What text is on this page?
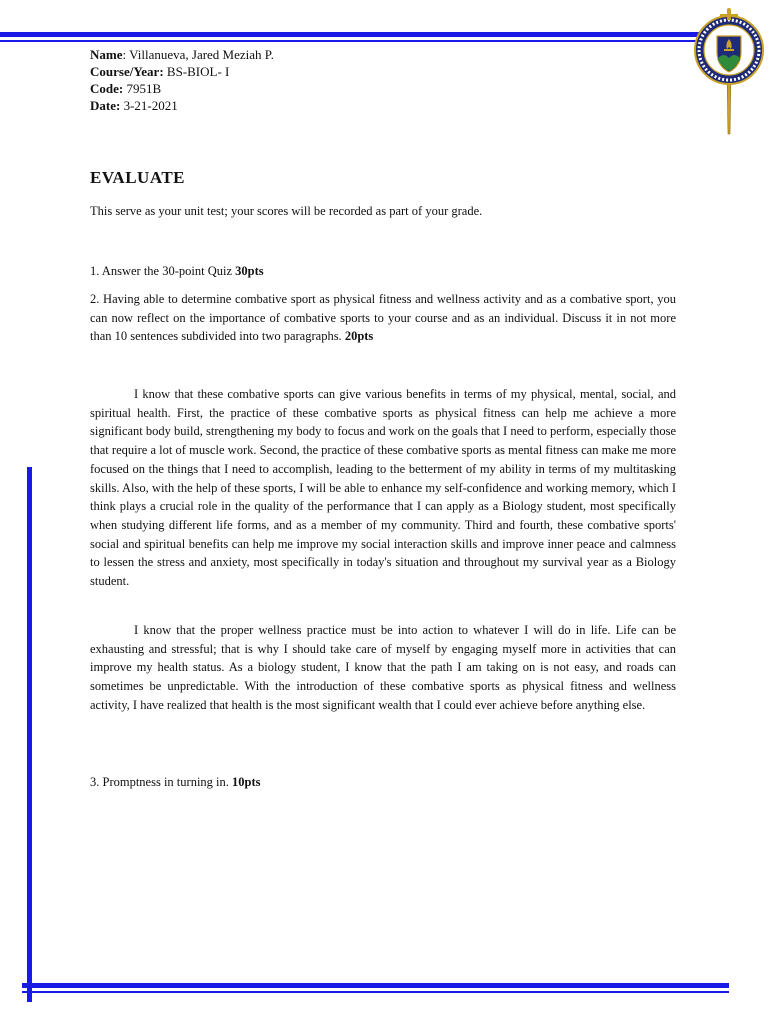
Name: Villanueva, Jared Meziah P.
Course/Year: BS-BIOL- I
Code: 7951B
Date: 3-21-2021
EVALUATE
This serve as your unit test; your scores will be recorded as part of your grade.
1. Answer the 30-point Quiz 30pts
2. Having able to determine combative sport as physical fitness and wellness activity and as a combative sport, you can now reflect on the importance of combative sports to your course and as an individual. Discuss it in not more than 10 sentences subdivided into two paragraphs. 20pts
I know that these combative sports can give various benefits in terms of my physical, mental, social, and spiritual health. First, the practice of these combative sports as physical fitness can help me achieve a more significant body build, strengthening my body to focus and work on the goals that I need to perform, especially those that require a lot of muscle work. Second, the practice of these combative sports as mental fitness can make me more focused on the things that I need to accomplish, leading to the betterment of my ability in terms of my multitasking skills. Also, with the help of these sports, I will be able to enhance my self-confidence and working memory, which I think plays a crucial role in the quality of the performance that I can apply as a Biology student, most specifically when studying different life forms, and as a member of my community. Third and fourth, these combative sports' social and spiritual benefits can help me improve my social interaction skills and improve inner peace and calmness to lessen the stress and anxiety, most specifically in today's situation and throughout my survival year as a Biology student.
I know that the proper wellness practice must be into action to whatever I will do in life. Life can be exhausting and stressful; that is why I should take care of myself by engaging myself more in activities that can improve my health status. As a biology student, I know that the path I am taking on is not easy, and roads can sometimes be unpredictable. With the introduction of these combative sports as physical fitness and wellness activity, I have realized that health is the most significant wealth that I could ever achieve before anything else.
3. Promptness in turning in. 10pts
